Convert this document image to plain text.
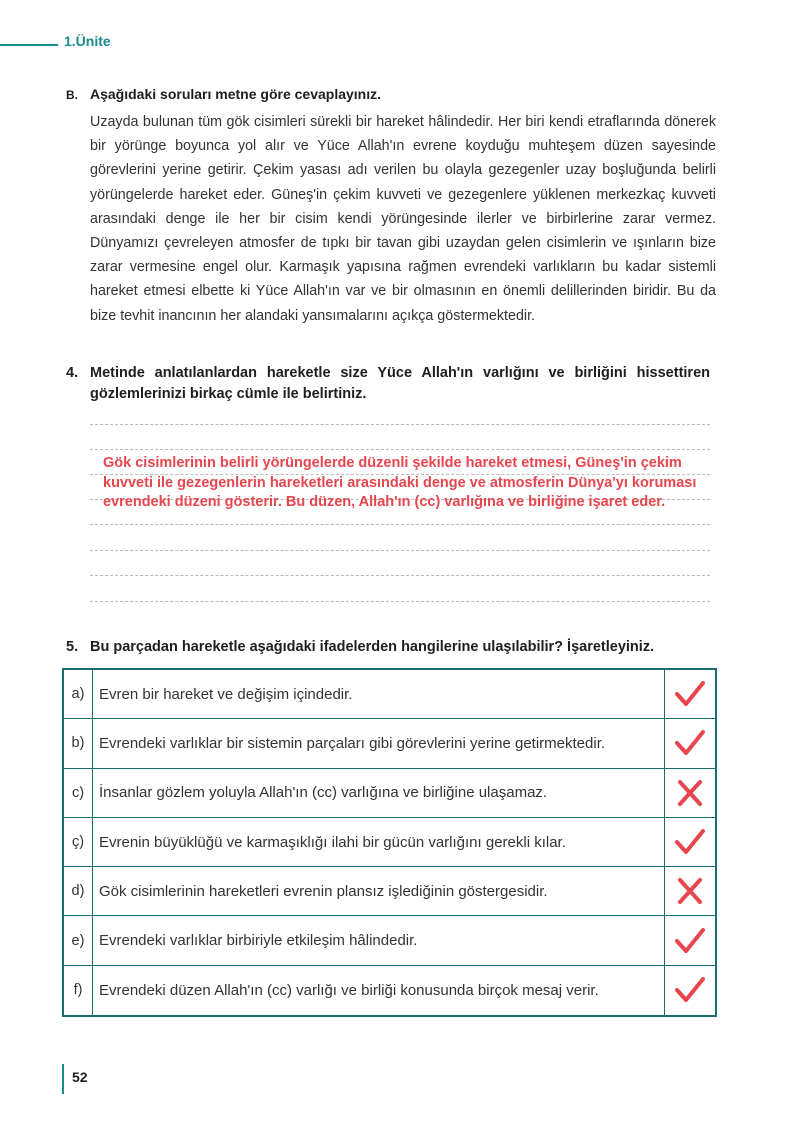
1.Ünite
B. Aşağıdaki soruları metne göre cevaplayınız.
Uzayda bulunan tüm gök cisimleri sürekli bir hareket hâlindedir. Her biri kendi etraflarında dönerek bir yörünge boyunca yol alır ve Yüce Allah'ın evrene koyduğu muhteşem düzen sayesinde görevlerini yerine getirir. Çekim yasası adı verilen bu olayla gezegenler uzay boşluğunda belirli yörüngelerde hareket eder. Güneş'in çekim kuvveti ve gezegenlere yüklenen merkezkaç kuvveti arasındaki denge ile her bir cisim kendi yörüngesinde ilerler ve birbirlerine zarar vermez. Dünyamızı çevreleyen atmosfer de tıpkı bir tavan gibi uzaydan gelen cisimlerin ve ışınların bize zarar vermesine engel olur. Karmaşık yapısına rağmen evrendeki varlıkların bu kadar sistemli hareket etmesi elbette ki Yüce Allah'ın var ve bir olmasının en önemli delillerinden biridir. Bu da bize tevhit inancının her alandaki yansımalarını açıkça göstermektedir.
4. Metinde anlatılanlardan hareketle size Yüce Allah'ın varlığını ve birliğini hissettiren gözlemlerinizi birkaç cümle ile belirtiniz.
Gök cisimlerinin belirli yörüngelerde düzenli şekilde hareket etmesi, Güneş'in çekim kuvveti ile gezegenlerin hareketleri arasındaki denge ve atmosferin Dünya'yı koruması evrendeki düzeni gösterir. Bu düzen, Allah'ın (cc) varlığına ve birliğine işaret eder.
5. Bu parçadan hareketle aşağıdaki ifadelerden hangilerine ulaşılabilir? İşaretleyiniz.
a) Evren bir hareket ve değişim içindedir.
b) Evrendeki varlıklar bir sistemin parçaları gibi görevlerini yerine getirmektedir.
c) İnsanlar gözlem yoluyla Allah'ın (cc) varlığına ve birliğine ulaşamaz.
ç) Evrenin büyüklüğü ve karmaşıklığı ilahi bir gücün varlığını gerekli kılar.
d) Gök cisimlerinin hareketleri evrenin plansız işlediğinin göstergesidir.
e) Evrendeki varlıklar birbiriyle etkileşim hâlindedir.
f)	Evrendeki düzen Allah'ın (cc) varlığı ve birliği konusunda birçok mesaj verir.
52
